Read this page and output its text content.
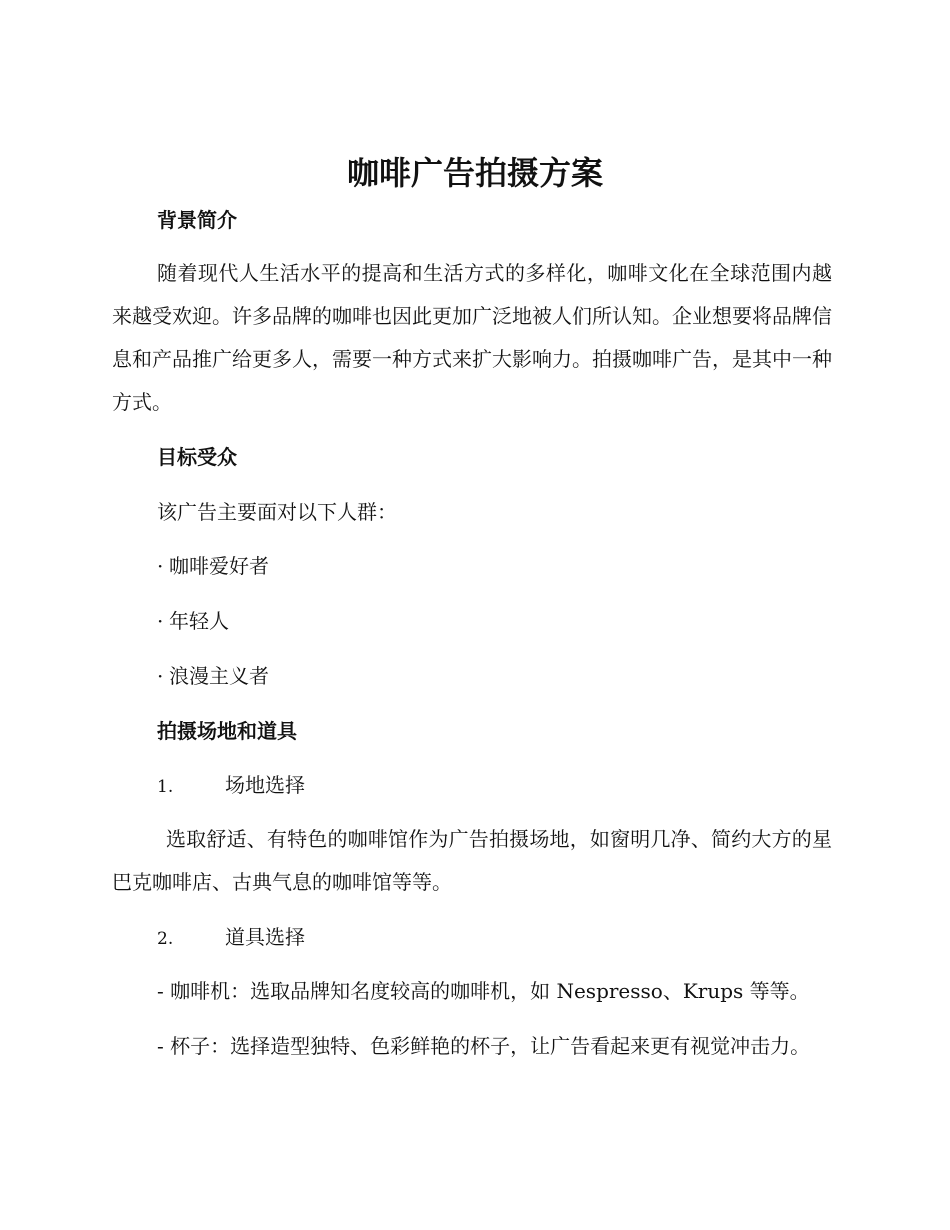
咖啡广告拍摄方案
背景简介

随着现代人生活水平的提高和生活方式的多样化，咖啡文化在全球范围内越来越受欢迎。许多品牌的咖啡也因此更加广泛地被人们所认知。企业想要将品牌信息和产品推广给更多人，需要一种方式来扩大影响力。拍摄咖啡广告，是其中一种方式。

目标受众

该广告主要面对以下人群：

· 咖啡爱好者

· 年轻人

· 浪漫主义者

拍摄场地和道具

1.	场地选择

选取舒适、有特色的咖啡馆作为广告拍摄场地，如窗明几净、简约大方的星巴克咖啡店、古典气息的咖啡馆等等。

2.	道具选择

- 咖啡机：选取品牌知名度较高的咖啡机，如 Nespresso、Krups 等等。

- 杯子：选择造型独特、色彩鲜艳的杯子，让广告看起来更有视觉冲击力。
